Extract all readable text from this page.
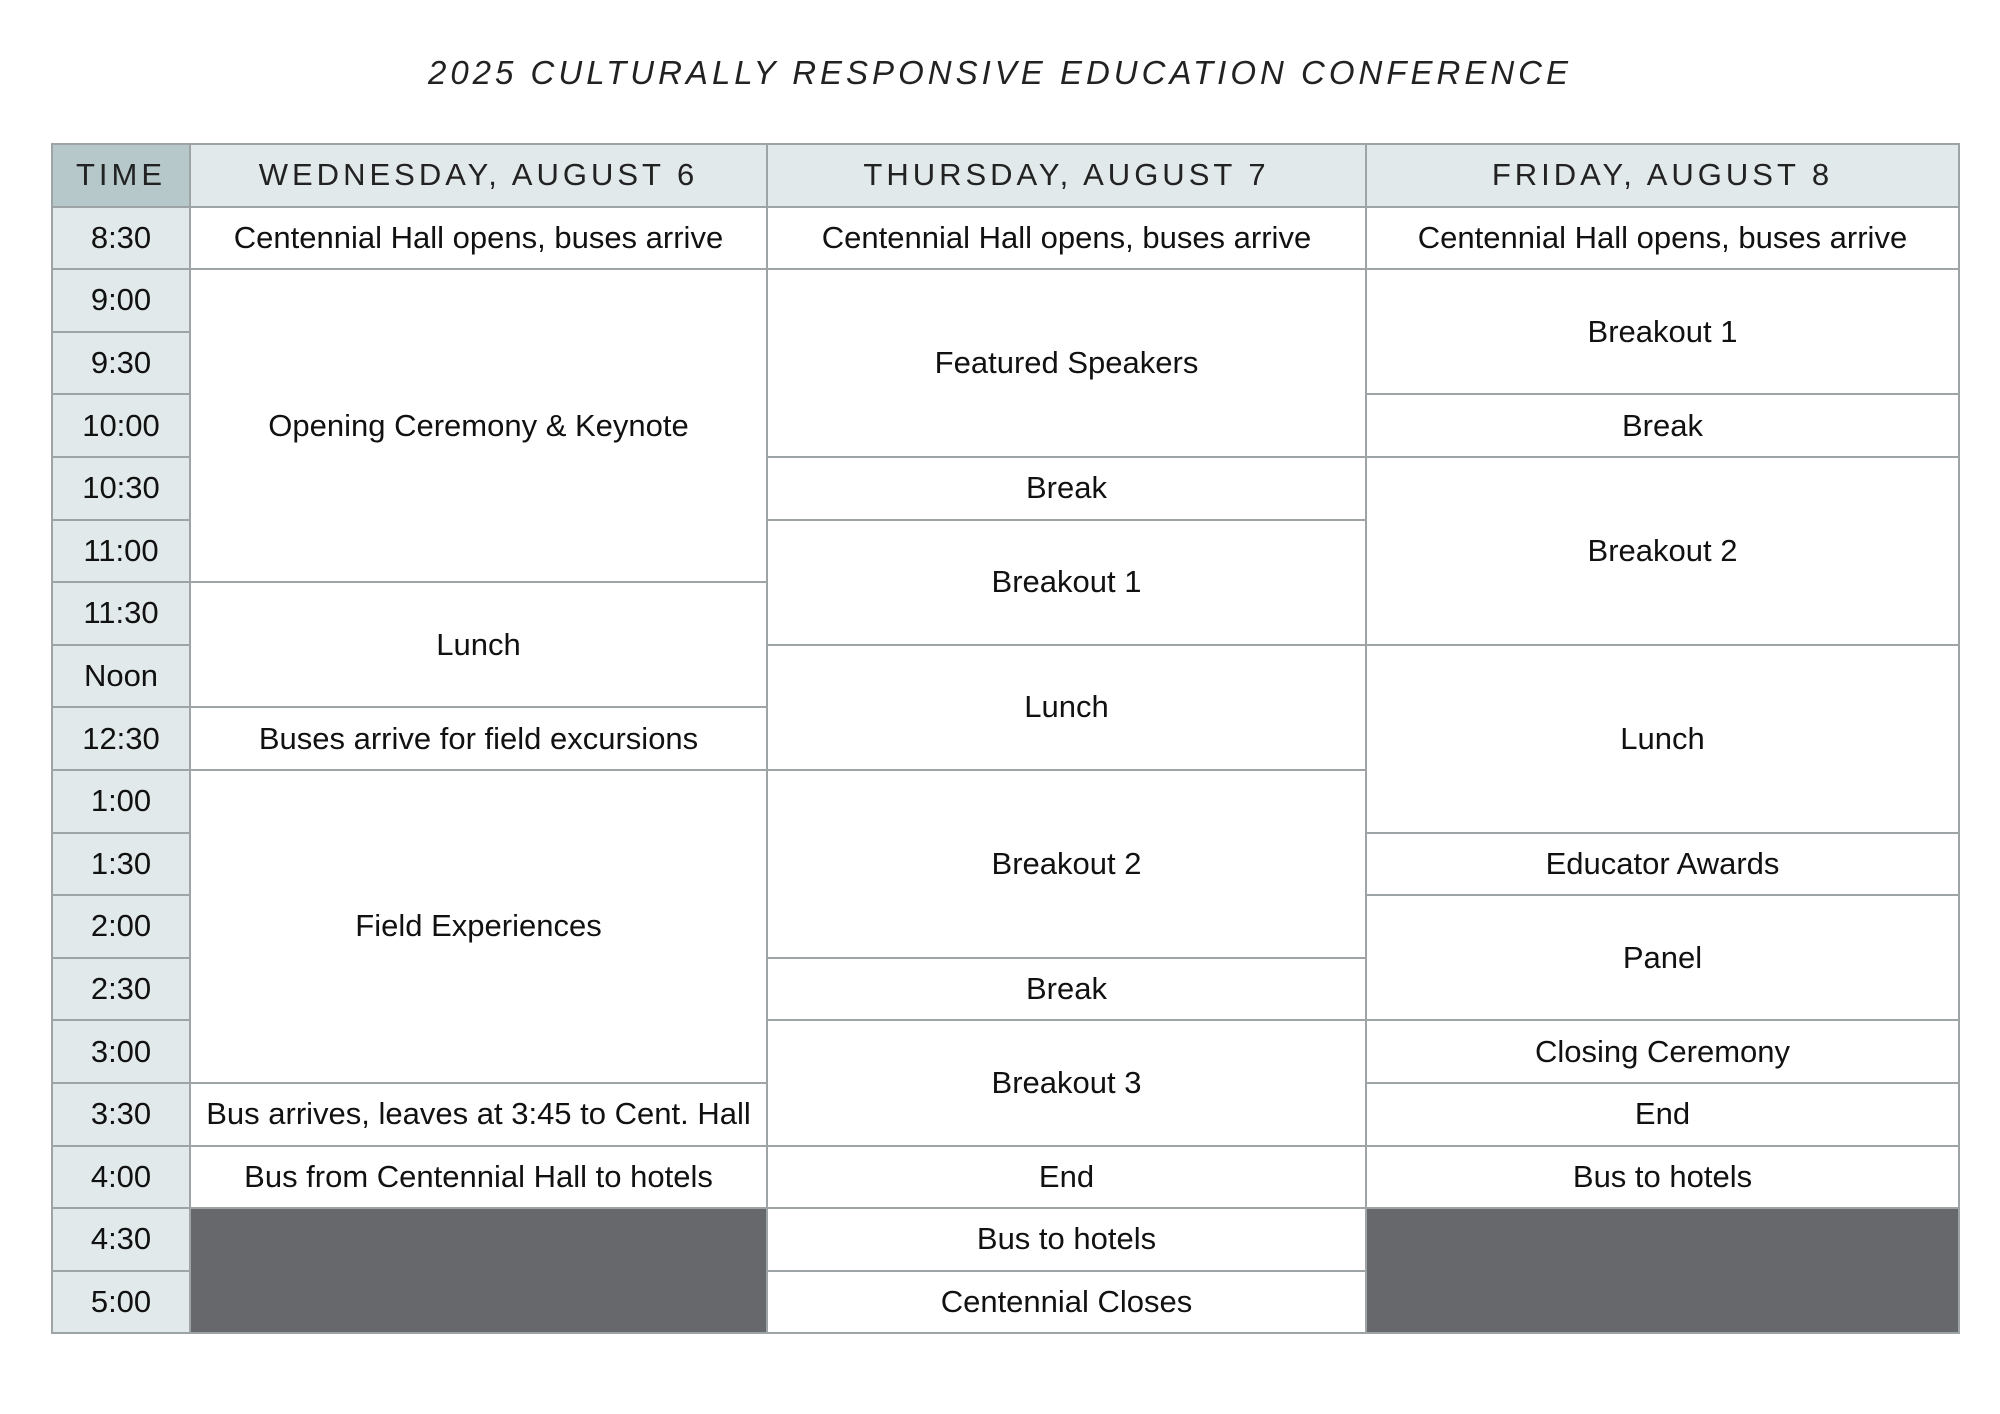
2025 CULTURALLY RESPONSIVE EDUCATION CONFERENCE
TIME	WEDNESDAY, AUGUST 6	THURSDAY, AUGUST 7	FRIDAY, AUGUST 8
8:30	Centennial Hall opens, buses arrive	Centennial Hall opens, buses arrive	Centennial Hall opens, buses arrive
9:00	Opening Ceremony & Keynote	Featured Speakers	Breakout 1
9:30			
10:00			Break
10:30		Break	Breakout 2
11:00		Breakout 1	
11:30	Lunch		
Noon		Lunch	Lunch
12:30	Buses arrive for field excursions		
1:00	Field Experiences	Breakout 2	
1:30			Educator Awards
2:00			Panel
2:30		Break	
3:00		Breakout 3	Closing Ceremony
3:30	Bus arrives, leaves at 3:45 to Cent. Hall		End
4:00	Bus from Centennial Hall to hotels	End	Bus to hotels
4:30		Bus to hotels	
5:00		Centennial Closes	
